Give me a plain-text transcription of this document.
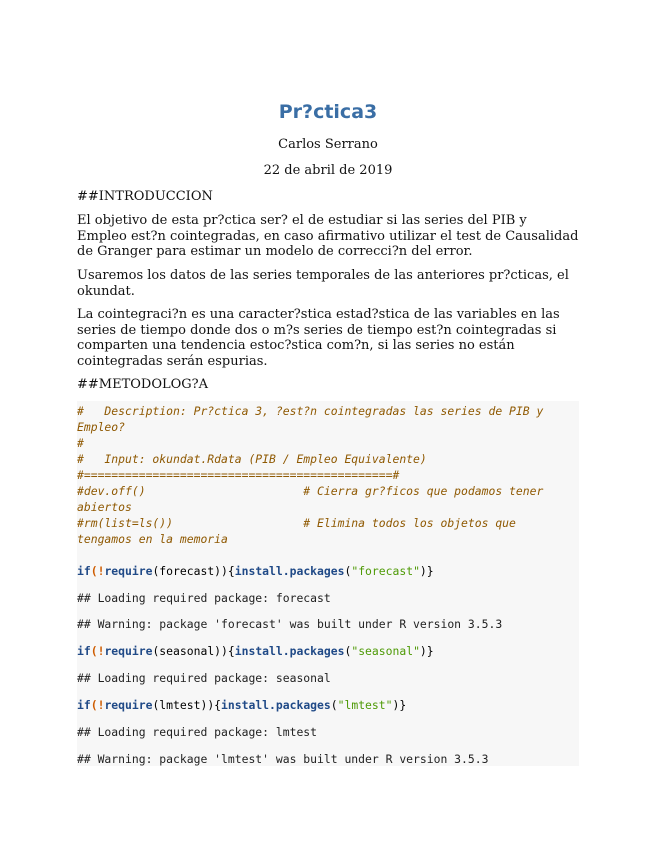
Pr?ctica3
Carlos Serrano
22 de abril de 2019

##INTRODUCCION

El objetivo de esta pr?ctica ser? el de estudiar si las series del PIB y Empleo est?n cointegradas, en caso afirmativo utilizar el test de Causalidad de Granger para estimar un modelo de correcci?n del error.

Usaremos los datos de las series temporales de las anteriores pr?cticas, el okundat.

La cointegraci?n es una caracter?stica estad?stica de las variables en las series de tiempo donde dos o m?s series de tiempo est?n cointegradas si comparten una tendencia estoc?stica com?n, si las series no están cointegradas serán espurias.

##METODOLOG?A

#   Description: Pr?ctica 3, ?est?n cointegradas las series de PIB y
Empleo?
#
#   Input: okundat.Rdata (PIB / Empleo Equivalente)
#=============================================#
#dev.off()                       # Cierra gr?ficos que podamos tener
abiertos
#rm(list=ls())                   # Elimina todos los objetos que
tengamos en la memoria
if(!require(forecast)){install.packages("forecast")}
## Loading required package: forecast
## Warning: package 'forecast' was built under R version 3.5.3
if(!require(seasonal)){install.packages("seasonal")}
## Loading required package: seasonal
if(!require(lmtest)){install.packages("lmtest")}
## Loading required package: lmtest
## Warning: package 'lmtest' was built under R version 3.5.3
